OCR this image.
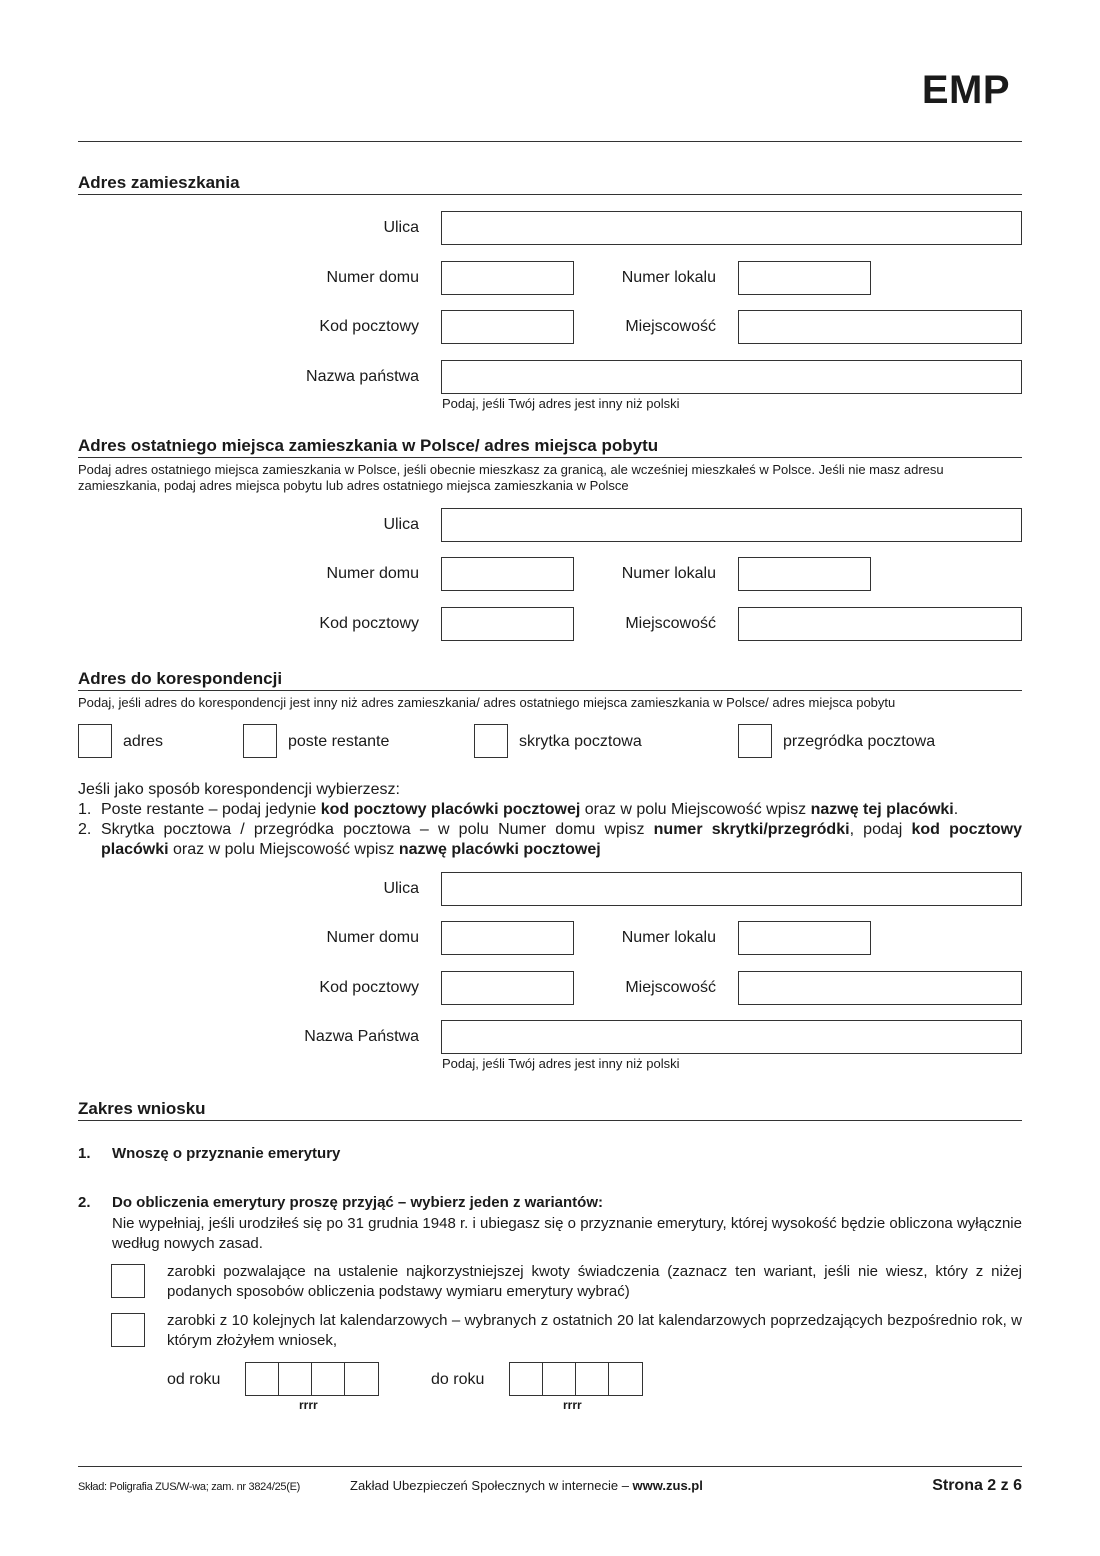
EMP
Adres zamieszkania
Ulica
Numer domu	Numer lokalu
Kod pocztowy	Miejscowość
Nazwa państwa
Podaj, jeśli Twój adres jest inny niż polski
Adres ostatniego miejsca zamieszkania w Polsce/ adres miejsca pobytu
Podaj adres ostatniego miejsca zamieszkania w Polsce, jeśli obecnie mieszkasz za granicą, ale wcześniej mieszkałeś w Polsce. Jeśli nie masz adresu zamieszkania, podaj adres miejsca pobytu lub adres ostatniego miejsca zamieszkania w Polsce
Ulica
Numer domu	Numer lokalu
Kod pocztowy	Miejscowość
Adres do korespondencji
Podaj, jeśli adres do korespondencji jest inny niż adres zamieszkania/ adres ostatniego miejsca zamieszkania w Polsce/ adres miejsca pobytu
adres	poste restante	skrytka pocztowa	przegródka pocztowa
Jeśli jako sposób korespondencji wybierzesz:
1. Poste restante – podaj jedynie kod pocztowy placówki pocztowej oraz w polu Miejscowość wpisz nazwę tej placówki.
2. Skrytka pocztowa / przegródka pocztowa – w polu Numer domu wpisz numer skrytki/przegródki, podaj kod pocztowy placówki oraz w polu Miejscowość wpisz nazwę placówki pocztowej
Ulica
Numer domu	Numer lokalu
Kod pocztowy	Miejscowość
Nazwa Państwa
Podaj, jeśli Twój adres jest inny niż polski
Zakres wniosku
1. Wnoszę o przyznanie emerytury
2. Do obliczenia emerytury proszę przyjąć – wybierz jeden z wariantów:
Nie wypełniaj, jeśli urodziłeś się po 31 grudnia 1948 r. i ubiegasz się o przyznanie emerytury, której wysokość będzie obliczona wyłącznie według nowych zasad.
zarobki pozwalające na ustalenie najkorzystniejszej kwoty świadczenia (zaznacz ten wariant, jeśli nie wiesz, który z niżej podanych sposobów obliczenia podstawy wymiaru emerytury wybrać)
zarobki z 10 kolejnych lat kalendarzowych – wybranych z ostatnich 20 lat kalendarzowych poprzedzających bezpośrednio rok, w którym złożyłem wniosek,
od roku
rrrr
do roku
rrrr
Skład: Poligrafia ZUS/W-wa; zam. nr 3824/25(E)	Zakład Ubezpieczeń Społecznych w internecie – www.zus.pl	Strona 2 z 6
